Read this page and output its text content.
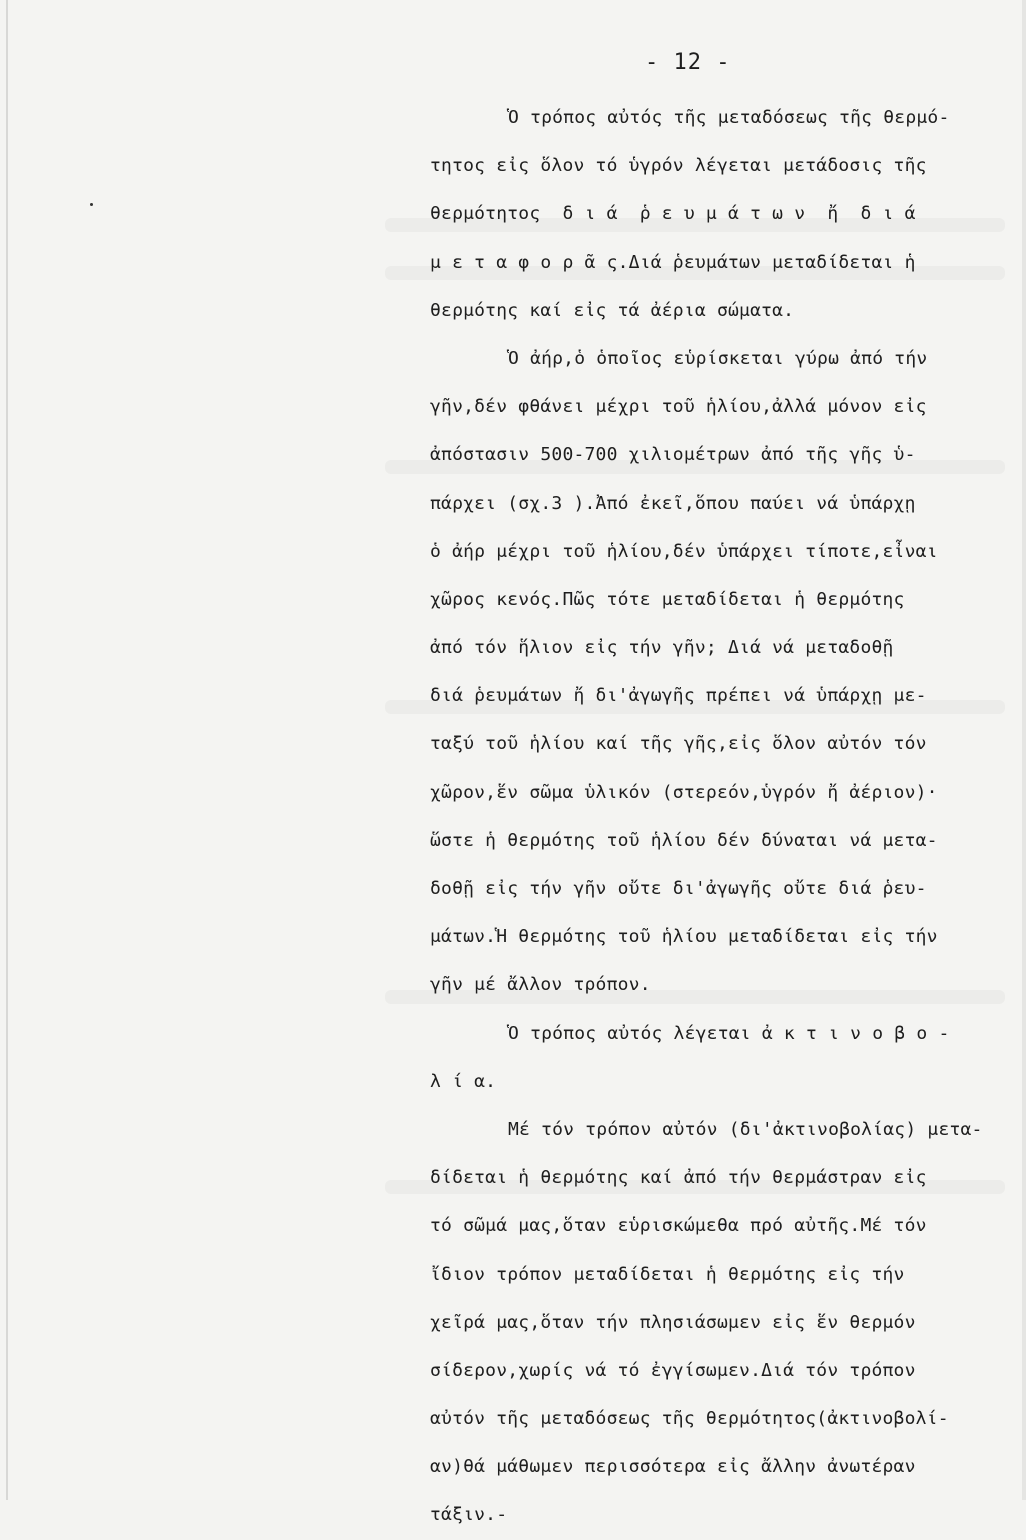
- 12 -
Ὁ τρόπος αὐτός τῆς μεταδόσεως τῆς θερμό-
τητος εἰς ὅλον τό ὑγρόν λέγεται μετάδοσις τῆς
θερμότητος  δ ι ά  ῥ ε υ μ ά τ ω ν  ἤ  δ ι ά
μ ε τ α φ ο ρ ᾶ ς.Διά ῥευμάτων μεταδίδεται ἡ
θερμότης καί εἰς τά ἀέρια σώματα.
Ὁ ἀήρ,ὁ ὁποῖος εὑρίσκεται γύρω ἀπό τήν
γῆν,δέν φθάνει μέχρι τοῦ ἡλίου,ἀλλά μόνον εἰς
ἀπόστασιν 500-700 χιλιομέτρων ἀπό τῆς γῆς ὑ-
πάρχει (σχ.3 ).Ἀπό ἐκεῖ,ὅπου παύει νά ὑπάρχῃ
ὁ ἀήρ μέχρι τοῦ ἡλίου,δέν ὑπάρχει τίποτε,εἶναι
χῶρος κενός.Πῶς τότε μεταδίδεται ἡ θερμότης
ἀπό τόν ἥλιον εἰς τήν γῆν; Διά νά μεταδοθῇ
διά ῥευμάτων ἤ δι'ἀγωγῆς πρέπει νά ὑπάρχῃ με-
ταξύ τοῦ ἡλίου καί τῆς γῆς,εἰς ὅλον αὐτόν τόν
χῶρον,ἕν σῶμα ὑλικόν (στερεόν,ὑγρόν ἤ ἀέριον)·
ὥστε ἡ θερμότης τοῦ ἡλίου δέν δύναται νά μετα-
δοθῇ εἰς τήν γῆν οὔτε δι'ἀγωγῆς οὔτε διά ῥευ-
μάτων.Ἡ θερμότης τοῦ ἡλίου μεταδίδεται εἰς τήν
γῆν μέ ἄλλον τρόπον.
Ὁ τρόπος αὐτός λέγεται ἀ κ τ ι ν ο β ο -
λ ί α.
Μέ τόν τρόπον αὐτόν (δι'ἀκτινοβολίας) μετα-
δίδεται ἡ θερμότης καί ἀπό τήν θερμάστραν εἰς
τό σῶμά μας,ὅταν εὑρισκώμεθα πρό αὐτῆς.Μέ τόν
ἴδιον τρόπον μεταδίδεται ἡ θερμότης εἰς τήν
χεῖρά μας,ὅταν τήν πλησιάσωμεν εἰς ἕν θερμόν
σίδερον,χωρίς νά τό ἐγγίσωμεν.Διά τόν τρόπον
αὐτόν τῆς μεταδόσεως τῆς θερμότητος(ἀκτινοβολί-
αν)θά μάθωμεν περισσότερα εἰς ἄλλην ἀνωτέραν
τάξιν.-
